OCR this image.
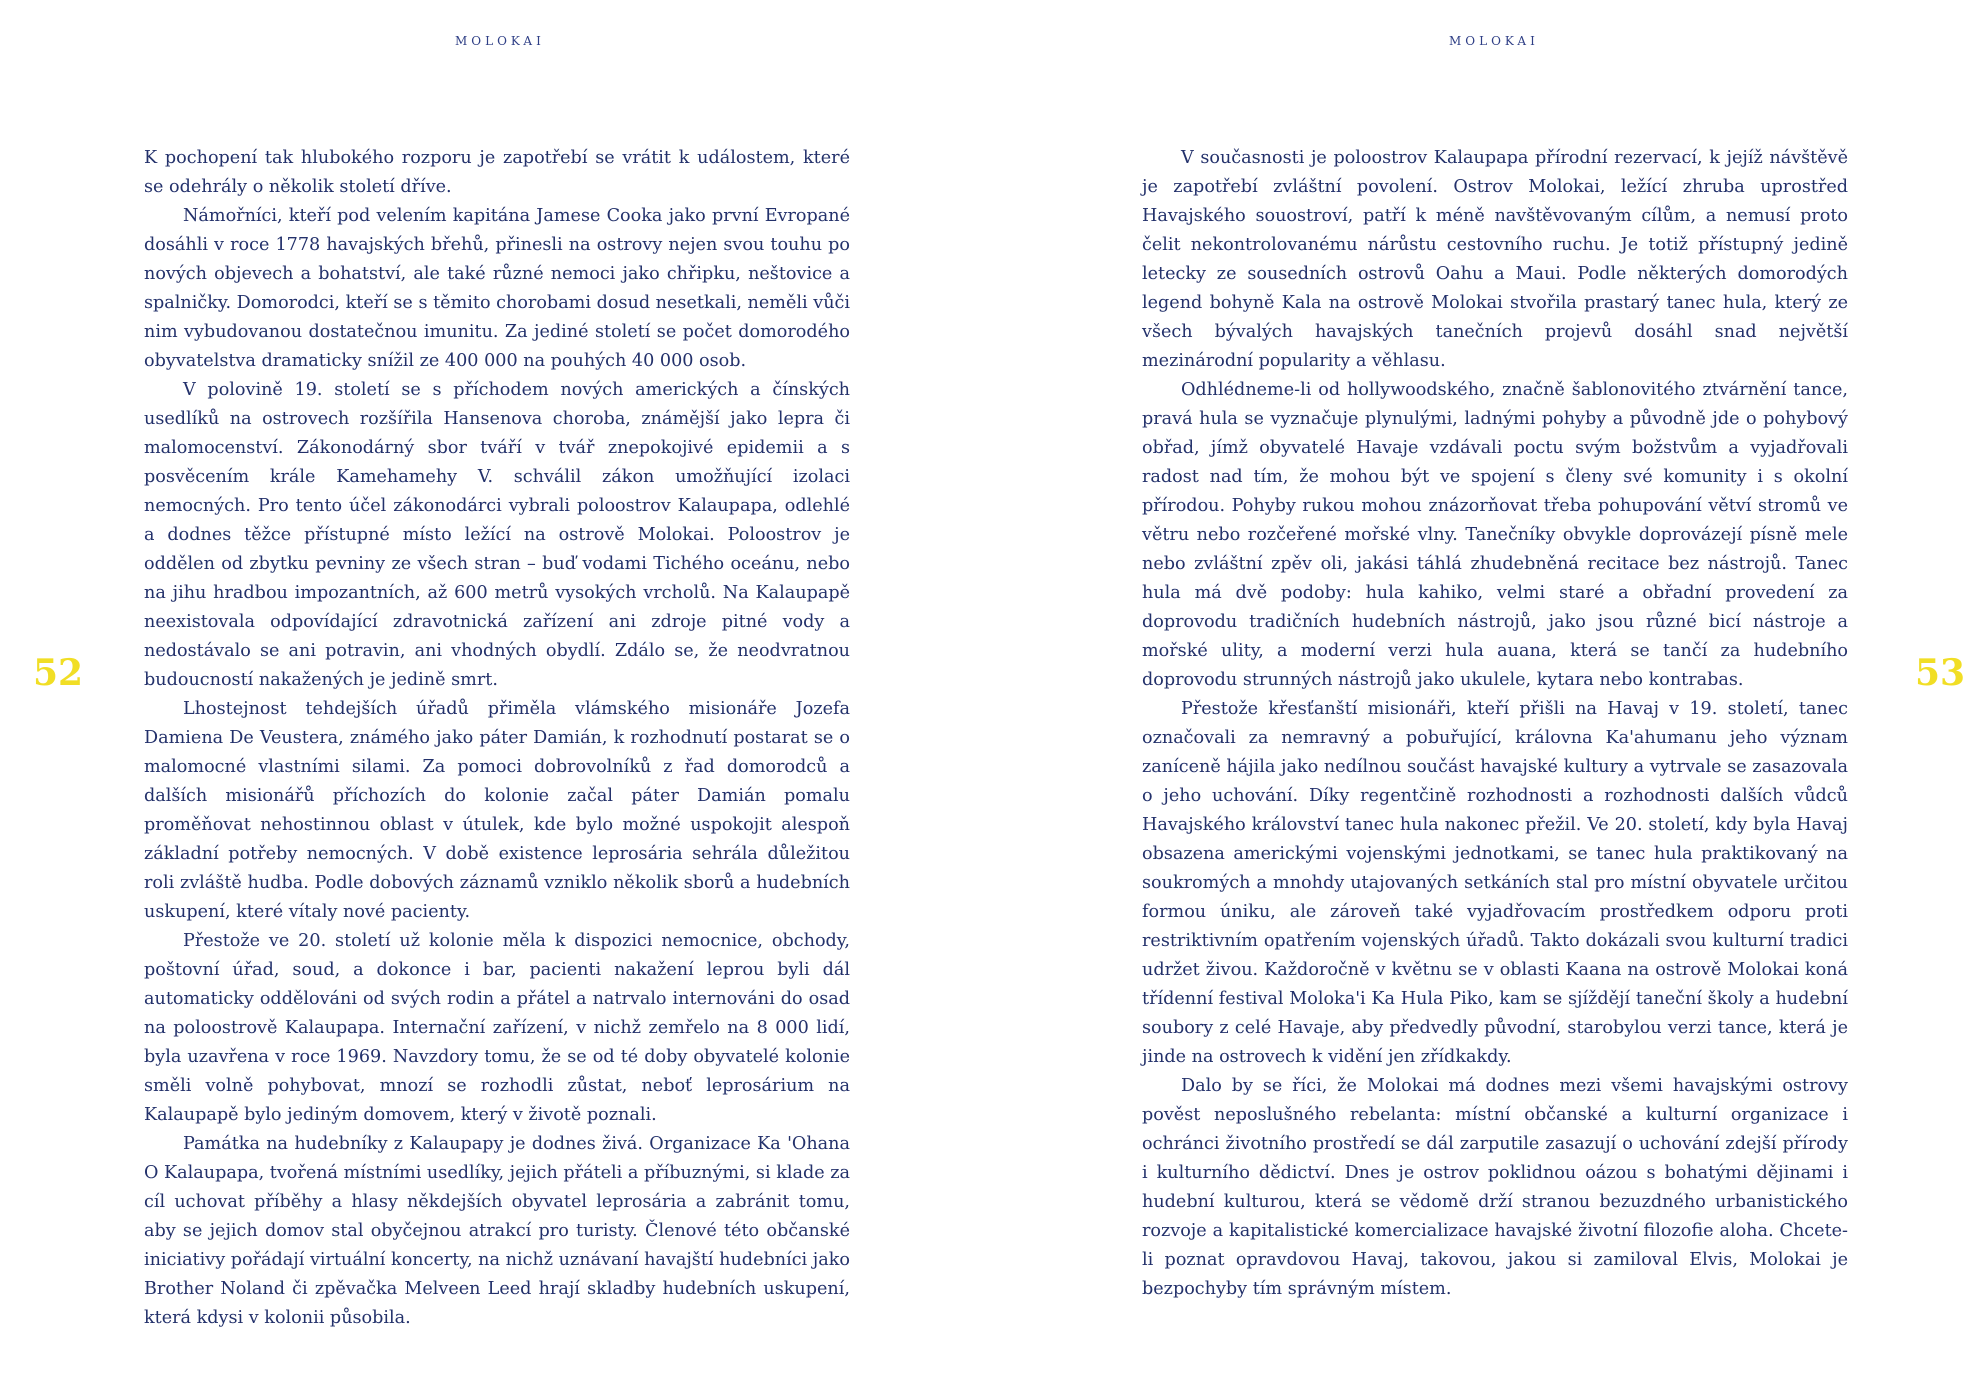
MOLOKAI
52

K pochopení tak hlubokého rozporu je zapotřebí se vrátit k událostem, které se odehrály o několik století dříve.

Námořníci, kteří pod velením kapitána Jamese Cooka jako první Evropané dosáhli v roce 1778 havajských břehů, přinesli na ostrovy nejen svou touhu po nových objevech a bohatství, ale také různé nemoci jako chřipku, neštovice a spalničky. Domorodci, kteří se s těmito chorobami dosud nesetkali, neměli vůči nim vybudovanou dostatečnou imunitu. Za jediné století se počet domorodého obyvatelstva dramaticky snížil ze 400 000 na pouhých 40 000 osob.

V polovině 19. století se s příchodem nových amerických a čínských usedlíků na ostrovech rozšířila Hansenova choroba, známější jako lepra či malomocenství. Zákonodárný sbor tváří v tvář znepokojivé epidemii a s posvěcením krále Kamehamehy V. schválil zákon umožňující izolaci nemocných. Pro tento účel zákonodárci vybrali poloostrov Kalaupapa, odlehlé a dodnes těžce přístupné místo ležící na ostrově Molokai. Poloostrov je oddělen od zbytku pevniny ze všech stran – buď vodami Tichého oceánu, nebo na jihu hradbou impozantních, až 600 metrů vysokých vrcholů. Na Kalaupapě neexistovala odpovídající zdravotnická zařízení ani zdroje pitné vody a nedostávalo se ani potravin, ani vhodných obydlí. Zdálo se, že neodvratnou budoucností nakažených je jedině smrt.

Lhostejnost tehdejších úřadů přiměla vlámského misionáře Jozefa Damiena De Veustera, známého jako páter Damián, k rozhodnutí postarat se o malomocné vlastními silami. Za pomoci dobrovolníků z řad domorodců a dalších misionářů příchozích do kolonie začal páter Damián pomalu proměňovat nehostinnou oblast v útulek, kde bylo možné uspokojit alespoň základní potřeby nemocných. V době existence leprosária sehrála důležitou roli zvláště hudba. Podle dobových záznamů vzniklo několik sborů a hudebních uskupení, které vítaly nové pacienty.

Přestože ve 20. století už kolonie měla k dispozici nemocnice, obchody, poštovní úřad, soud, a dokonce i bar, pacienti nakažení leprou byli dál automaticky oddělováni od svých rodin a přátel a natrvalo internováni do osad na poloostrově Kalaupapa. Internační zařízení, v nichž zemřelo na 8 000 lidí, byla uzavřena v roce 1969. Navzdory tomu, že se od té doby obyvatelé kolonie směli volně pohybovat, mnozí se rozhodli zůstat, neboť leprosárium na Kalaupapě bylo jediným domovem, který v životě poznali.

Památka na hudebníky z Kalaupapy je dodnes živá. Organizace Ka 'Ohana O Kalaupapa, tvořená místními usedlíky, jejich přáteli a příbuznými, si klade za cíl uchovat příběhy a hlasy někdejších obyvatel leprosária a zabránit tomu, aby se jejich domov stal obyčejnou atrakcí pro turisty. Členové této občanské iniciativy pořádají virtuální koncerty, na nichž uznávaní havajští hudebníci jako Brother Noland či zpěvačka Melveen Leed hrají skladby hudebních uskupení, která kdysi v kolonii působila.

MOLOKAI
53

V současnosti je poloostrov Kalaupapa přírodní rezervací, k jejíž návštěvě je zapotřebí zvláštní povolení. Ostrov Molokai, ležící zhruba uprostřed Havajského souostroví, patří k méně navštěvovaným cílům, a nemusí proto čelit nekontrolovanému nárůstu cestovního ruchu. Je totiž přístupný jedině letecky ze sousedních ostrovů Oahu a Maui. Podle některých domorodých legend bohyně Kala na ostrově Molokai stvořila prastarý tanec hula, který ze všech bývalých havajských tanečních projevů dosáhl snad největší mezinárodní popularity a věhlasu.

Odhlédneme-li od hollywoodského, značně šablonovitého ztvárnění tance, pravá hula se vyznačuje plynulými, ladnými pohyby a původně jde o pohybový obřad, jímž obyvatelé Havaje vzdávali poctu svým božstvům a vyjadřovali radost nad tím, že mohou být ve spojení s členy své komunity i s okolní přírodou. Pohyby rukou mohou znázorňovat třeba pohupování větví stromů ve větru nebo rozčeřené mořské vlny. Tanečníky obvykle doprovázejí písně mele nebo zvláštní zpěv oli, jakási táhlá zhudebněná recitace bez nástrojů. Tanec hula má dvě podoby: hula kahiko, velmi staré a obřadní provedení za doprovodu tradičních hudebních nástrojů, jako jsou různé bicí nástroje a mořské ulity, a moderní verzi hula auana, která se tančí za hudebního doprovodu strunných nástrojů jako ukulele, kytara nebo kontrabas.

Přestože křesťanští misionáři, kteří přišli na Havaj v 19. století, tanec označovali za nemravný a pobuřující, královna Ka'ahumanu jeho význam zaníceně hájila jako nedílnou součást havajské kultury a vytrvale se zasazovala o jeho uchování. Díky regentčině rozhodnosti a rozhodnosti dalších vůdců Havajského království tanec hula nakonec přežil. Ve 20. století, kdy byla Havaj obsazena americkými vojenskými jednotkami, se tanec hula praktikovaný na soukromých a mnohdy utajovaných setkáních stal pro místní obyvatele určitou formou úniku, ale zároveň také vyjadřovacím prostředkem odporu proti restriktivním opatřením vojenských úřadů. Takto dokázali svou kulturní tradici udržet živou. Každoročně v květnu se v oblasti Kaana na ostrově Molokai koná třídenní festival Moloka'i Ka Hula Piko, kam se sjíždějí taneční školy a hudební soubory z celé Havaje, aby předvedly původní, starobylou verzi tance, která je jinde na ostrovech k vidění jen zřídkakdy.

Dalo by se říci, že Molokai má dodnes mezi všemi havajskými ostrovy pověst neposlušného rebelanta: místní občanské a kulturní organizace i ochránci životního prostředí se dál zarputile zasazují o uchování zdejší přírody i kulturního dědictví. Dnes je ostrov poklidnou oázou s bohatými dějinami i hudební kulturou, která se vědomě drží stranou bezuzdného urbanistického rozvoje a kapitalistické komercializace havajské životní filozofie aloha. Chcete-li poznat opravdovou Havaj, takovou, jakou si zamiloval Elvis, Molokai je bezpochyby tím správným místem.
